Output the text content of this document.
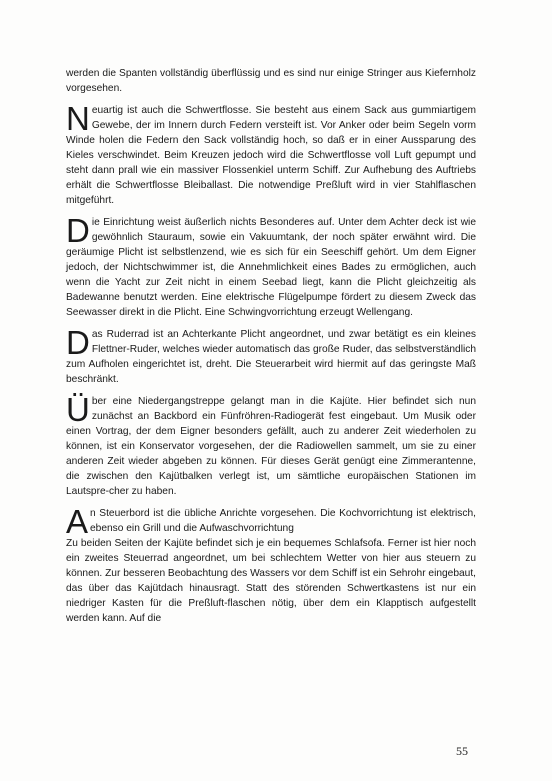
werden die Spanten vollständig überflüssig und es sind nur einige Stringer aus Kiefernholz vorgesehen.

Neuartig ist auch die Schwertflosse. Sie besteht aus einem Sack aus gummiartigem Gewebe, der im Innern durch Federn versteift ist. Vor Anker oder beim Segeln vorm Winde holen die Federn den Sack vollständig hoch, so daß er in einer Aussparung des Kieles verschwindet. Beim Kreuzen jedoch wird die Schwertflosse voll Luft gepumpt und steht dann prall wie ein massiver Flossenkiel unterm Schiff. Zur Aufhebung des Auftriebs erhält die Schwertflosse Bleiballast. Die notwendige Preßluft wird in vier Stahlflaschen mitgeführt.

Die Einrichtung weist äußerlich nichts Besonderes auf. Unter dem Achter deck ist wie gewöhnlich Stauraum, sowie ein Vakuumtank, der noch später erwähnt wird. Die geräumige Plicht ist selbstlenzend, wie es sich für ein Seeschiff gehört. Um dem Eigner jedoch, der Nichtschwimmer ist, die Annehmlichkeit eines Bades zu ermöglichen, auch wenn die Yacht zur Zeit nicht in einem Seebad liegt, kann die Plicht gleichzeitig als Badewanne benutzt werden. Eine elektrische Flügelpumpe fördert zu diesem Zweck das Seewasser direkt in die Plicht. Eine Schwingvorrichtung erzeugt Wellengang.

Das Ruderrad ist an Achterkante Plicht angeordnet, und zwar betätigt es ein kleines Flettner-Ruder, welches wieder automatisch das große Ruder, das selbstverständlich zum Aufholen eingerichtet ist, dreht. Die Steuerarbeit wird hiermit auf das geringste Maß beschränkt.

Über eine Niedergangstreppe gelangt man in die Kajüte. Hier befindet sich nun zunächst an Backbord ein Fünfröhren-Radiogerät fest eingebaut. Um Musik oder einen Vortrag, der dem Eigner besonders gefällt, auch zu anderer Zeit wiederholen zu können, ist ein Konservator vorgesehen, der die Radiowellen sammelt, um sie zu einer anderen Zeit wieder abgeben zu können. Für dieses Gerät genügt eine Zimmerantenne, die zwischen den Kajütbalken verlegt ist, um sämtliche europäischen Stationen im Lautspre-cher zu haben.

An Steuerbord ist die übliche Anrichte vorgesehen. Die Kochvorrichtung ist elektrisch, ebenso ein Grill und die Aufwaschvorrichtung

Zu beiden Seiten der Kajüte befindet sich je ein bequemes Schlafsofa. Ferner ist hier noch ein zweites Steuerrad angeordnet, um bei schlechtem Wetter von hier aus steuern zu können. Zur besseren Beobachtung des Wassers vor dem Schiff ist ein Sehrohr eingebaut, das über das Kajütdach hinausragt. Statt des störenden Schwertkastens ist nur ein niedriger Kasten für die Preßluft-flaschen nötig, über dem ein Klapptisch aufgestellt werden kann. Auf die

55
